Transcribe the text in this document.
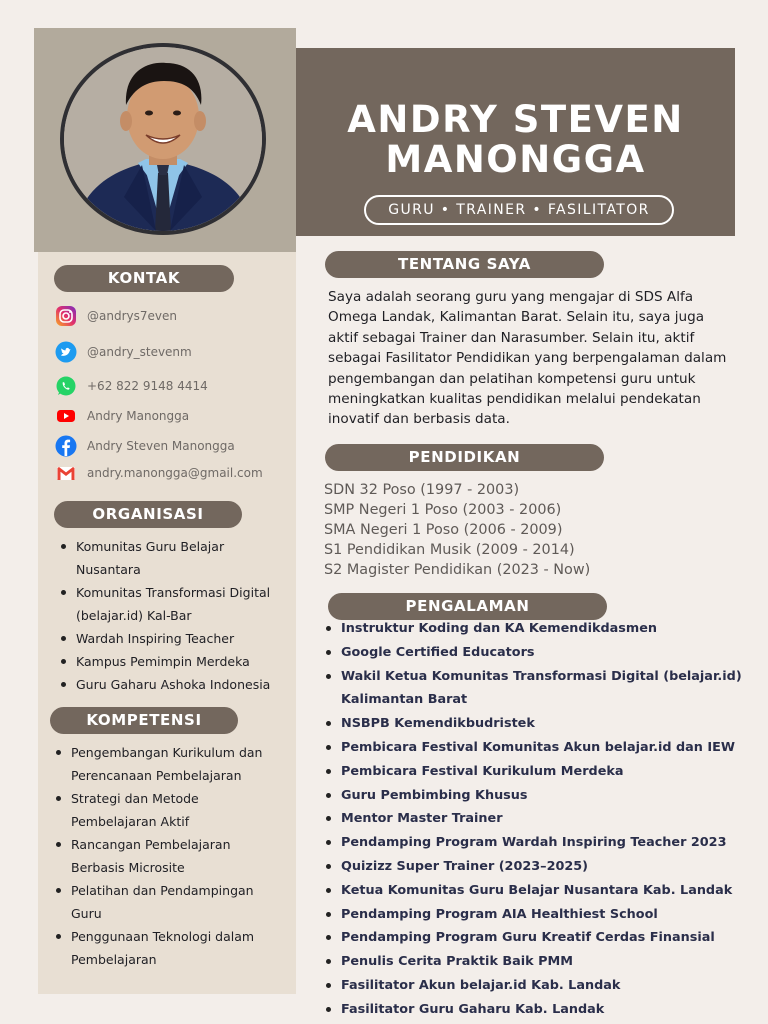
ANDRY STEVEN
MANONGGA
GURU • TRAINER • FASILITATOR
KONTAK
@andrys7even
@andry_stevenm
+62 822 9148 4414
Andry Manongga
Andry Steven Manongga
andry.manongga@gmail.com
ORGANISASI
Komunitas Guru Belajar Nusantara
Komunitas Transformasi Digital (belajar.id) Kal-Bar
Wardah Inspiring Teacher
Kampus Pemimpin Merdeka
Guru Gaharu Ashoka Indonesia
KOMPETENSI
Pengembangan Kurikulum dan Perencanaan Pembelajaran
Strategi dan Metode Pembelajaran Aktif
Rancangan Pembelajaran Berbasis Microsite
Pelatihan dan Pendampingan Guru
Penggunaan Teknologi dalam Pembelajaran
TENTANG SAYA
Saya adalah seorang guru yang mengajar di SDS Alfa Omega Landak, Kalimantan Barat. Selain itu, saya juga aktif sebagai Trainer dan Narasumber. Selain itu, aktif sebagai Fasilitator Pendidikan yang berpengalaman dalam pengembangan dan pelatihan kompetensi guru untuk meningkatkan kualitas pendidikan melalui pendekatan inovatif dan berbasis data.
PENDIDIKAN
SDN 32 Poso (1997 - 2003)
SMP Negeri 1 Poso (2003 - 2006)
SMA Negeri 1 Poso (2006 - 2009)
S1 Pendidikan Musik (2009 - 2014)
S2 Magister Pendidikan (2023 - Now)
PENGALAMAN
Instruktur Koding dan KA Kemendikdasmen
Google Certified Educators
Wakil Ketua Komunitas Transformasi Digital (belajar.id) Kalimantan Barat
NSBPB Kemendikbudristek
Pembicara Festival Komunitas Akun belajar.id dan IEW
Pembicara Festival Kurikulum Merdeka
Guru Pembimbing Khusus
Mentor Master Trainer
Pendamping Program Wardah Inspiring Teacher 2023
Quizizz Super Trainer (2023–2025)
Ketua Komunitas Guru Belajar Nusantara Kab. Landak
Pendamping Program AIA Healthiest School
Pendamping Program Guru Kreatif Cerdas Finansial
Penulis Cerita Praktik Baik PMM
Fasilitator Akun belajar.id Kab. Landak
Fasilitator Guru Gaharu Kab. Landak
